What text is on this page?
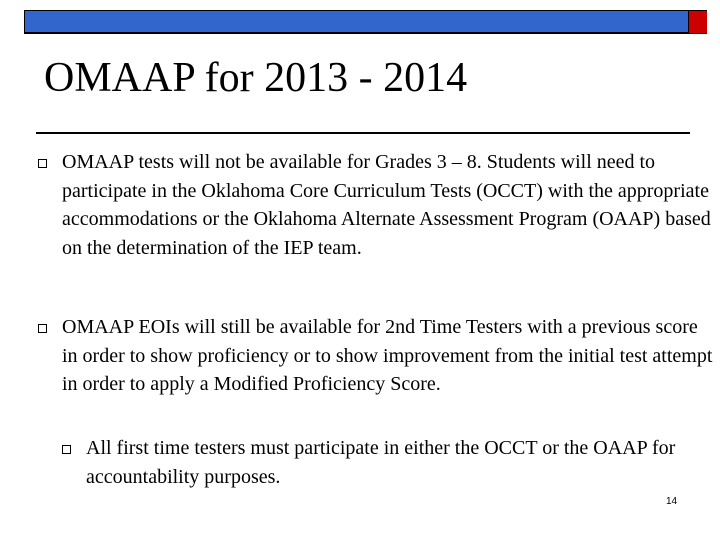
OMAAP for 2013 - 2014
OMAAP tests will not be available for Grades 3 – 8. Students will need to participate in the Oklahoma Core Curriculum Tests (OCCT) with the appropriate accommodations or the Oklahoma Alternate Assessment Program (OAAP) based on the determination of the IEP team.
OMAAP EOIs will still be available for 2nd Time Testers with a previous score in order to show proficiency or to show improvement from the initial test attempt in order to apply a Modified Proficiency Score.
All first time testers must participate in either the OCCT or the OAAP for accountability purposes.
14
